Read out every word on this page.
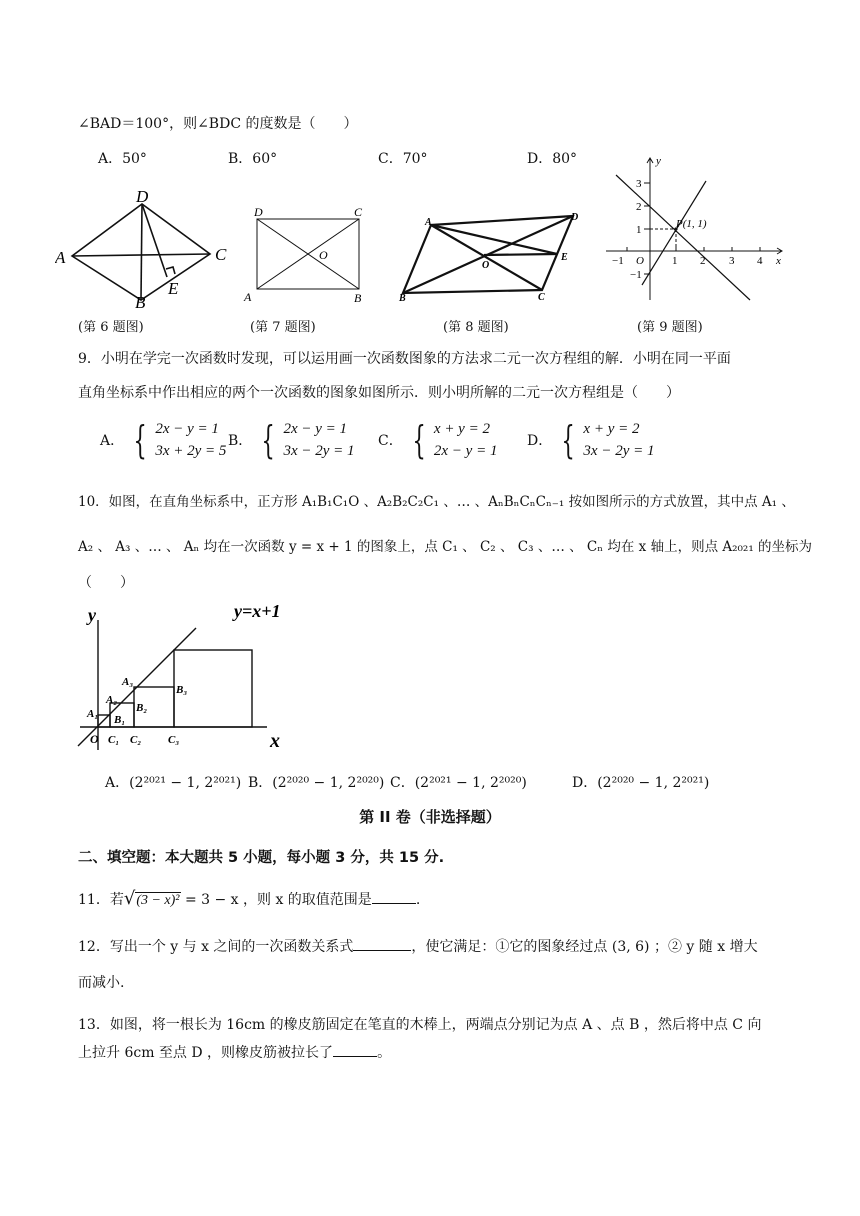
∠BAD＝100°，则∠BDC 的度数是（　　）
A．50°	B．60°	C．70°	D．80°
A
B
C
D
E	A	B
C
D
O
A
B	C
D
E
O
y
x
O
P(1, 1)
−1	1 2 3 4
3
2
1
−1
(第 6 题图)	(第 7 题图)	(第 8 题图)	(第 9 题图)
9．小明在学完一次函数时发现，可以运用画一次函数图象的方法求二元一次方程组的解．小明在同一平面
直角坐标系中作出相应的两个一次函数的图象如图所示．则小明所解的二元一次方程组是（　　）
A． { 2x − y = 1
3x + 2y = 5
B． { 2x − y = 1
3x − 2y = 1
C． { x + y = 2
2x − y = 1
D． { x + y = 2
3x − 2y = 1
10．如图，在直角坐标系中，正方形 A₁B₁C₁O 、A₂B₂C₂C₁ 、… 、AₙBₙCₙCₙ₋₁ 按如图所示的方式放置，其中点 A₁ 、
A₂ 、 A₃ 、… 、 Aₙ 均在一次函数 y = x + 1 的图象上，点 C₁ 、 C₂ 、 C₃ 、… 、 Cₙ 均在 x 轴上，则点 A₂₀₂₁ 的坐标为
（　　）
y=x+1
y
x
O
A₁
A₂
A₃
B₁
B₂
B₃
C₁ C₂ C₃
A．(2²⁰²¹ − 1, 2²⁰²¹) B．(2²⁰²⁰ − 1, 2²⁰²⁰) C．(2²⁰²¹ − 1, 2²⁰²⁰)	D．(2²⁰²⁰ − 1, 2²⁰²¹)
第 II 卷（非选择题）
二、填空题：本大题共 5 小题，每小题 3 分，共 15 分.
11．若√(3 − x)² = 3 − x ，则 x 的取值范围是	.
12．写出一个 y 与 x 之间的一次函数关系式	，使它满足：①它的图象经过点 (3, 6) ；② y 随 x 增大
而减小.
13．如图，将一根长为 16cm 的橡皮筋固定在笔直的木棒上，两端点分别记为点 A 、点 B ，然后将中点 C 向
上拉升 6cm 至点 D ，则橡皮筋被拉长了	。
